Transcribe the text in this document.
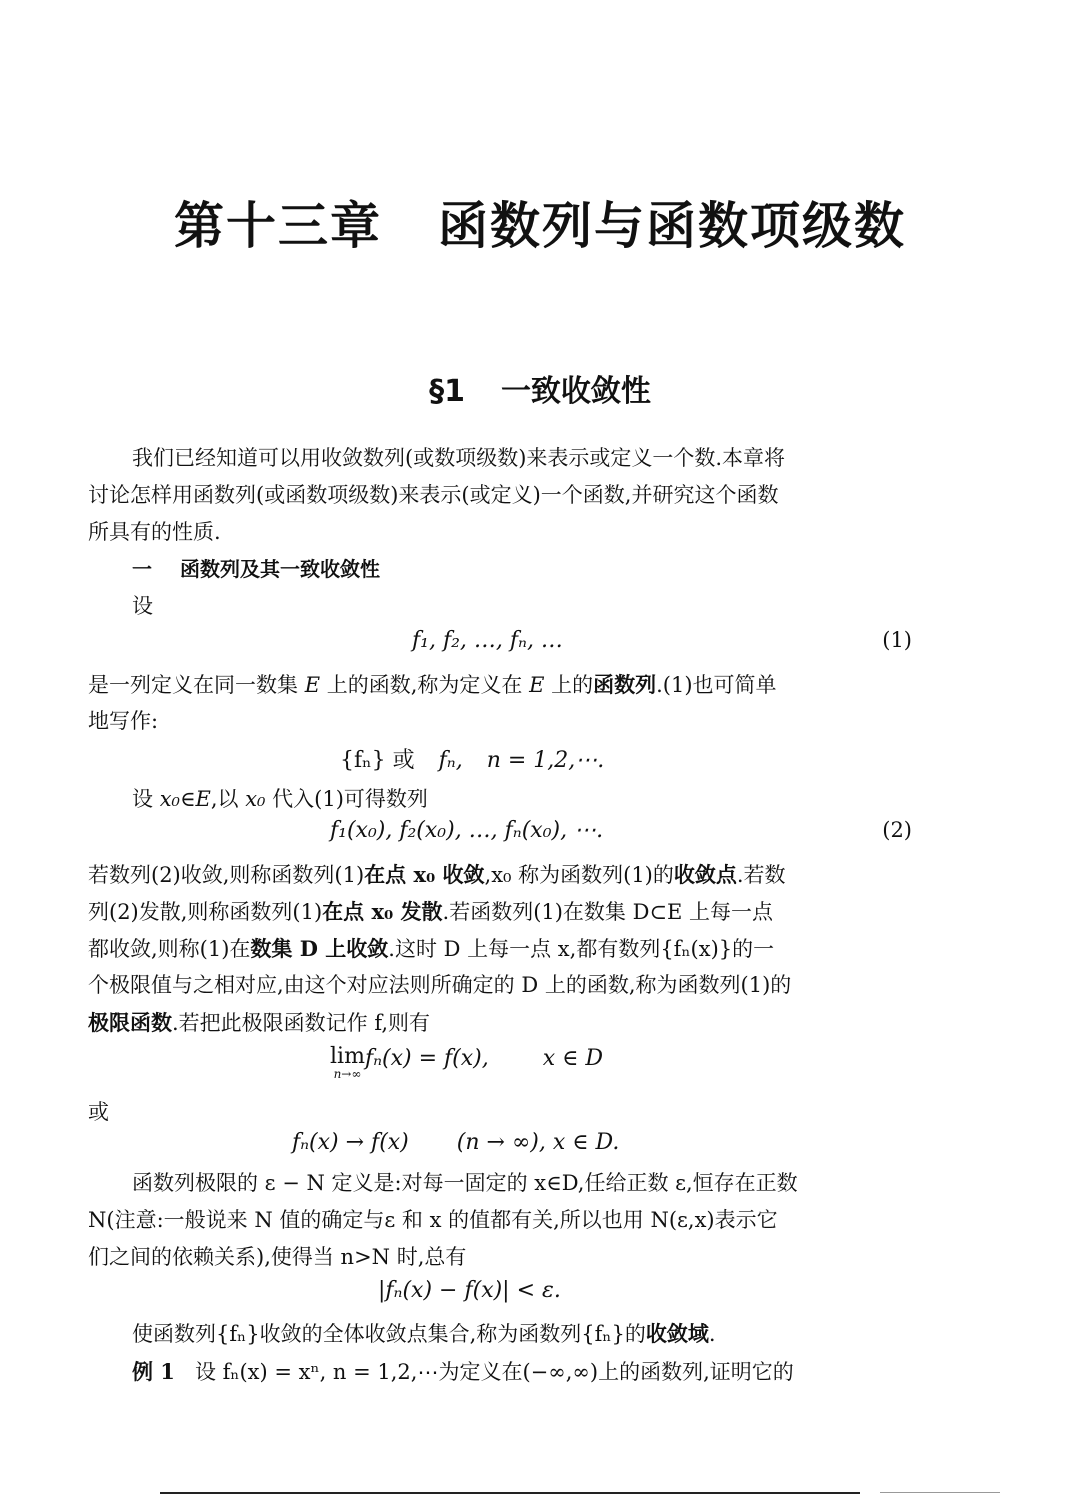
第十三章 函数列与函数项级数
§1 一致收敛性
我们已经知道可以用收敛数列(或数项级数)来表示或定义一个数.本章将
讨论怎样用函数列(或函数项级数)来表示(或定义)一个函数,并研究这个函数
所具有的性质.
一 函数列及其一致收敛性
设
f₁, f₂, …, fₙ, …	(1)
是一列定义在同一数集 E 上的函数,称为定义在 E 上的函数列.(1)也可简单
地写作:
{fₙ} 或 fₙ, n = 1,2,⋯.
设 x₀∈E,以 x₀ 代入(1)可得数列
f₁(x₀), f₂(x₀), …, fₙ(x₀), ⋯.	(2)
若数列(2)收敛,则称函数列(1)在点 x₀ 收敛,x₀ 称为函数列(1)的收敛点.若数
列(2)发散,则称函数列(1)在点 x₀ 发散.若函数列(1)在数集 D⊂E 上每一点
都收敛,则称(1)在数集 D 上收敛.这时 D 上每一点 x,都有数列{fₙ(x)}的一
个极限值与之相对应,由这个对应法则所确定的 D 上的函数,称为函数列(1)的
极限函数.若把此极限函数记作 f,则有
lim
n→∞
fₙ(x) = f(x), x ∈ D
或
fₙ(x) → f(x) (n → ∞), x ∈ D.
函数列极限的 ε − N 定义是:对每一固定的 x∈D,任给正数 ε,恒存在正数
N(注意:一般说来 N 值的确定与ε 和 x 的值都有关,所以也用 N(ε,x)表示它
们之间的依赖关系),使得当 n>N 时,总有
|fₙ(x) − f(x)| < ε.
使函数列{fₙ}收敛的全体收敛点集合,称为函数列{fₙ}的收敛域.
例 1 设 fₙ(x) = xⁿ, n = 1,2,⋯为定义在(−∞,∞)上的函数列,证明它的
